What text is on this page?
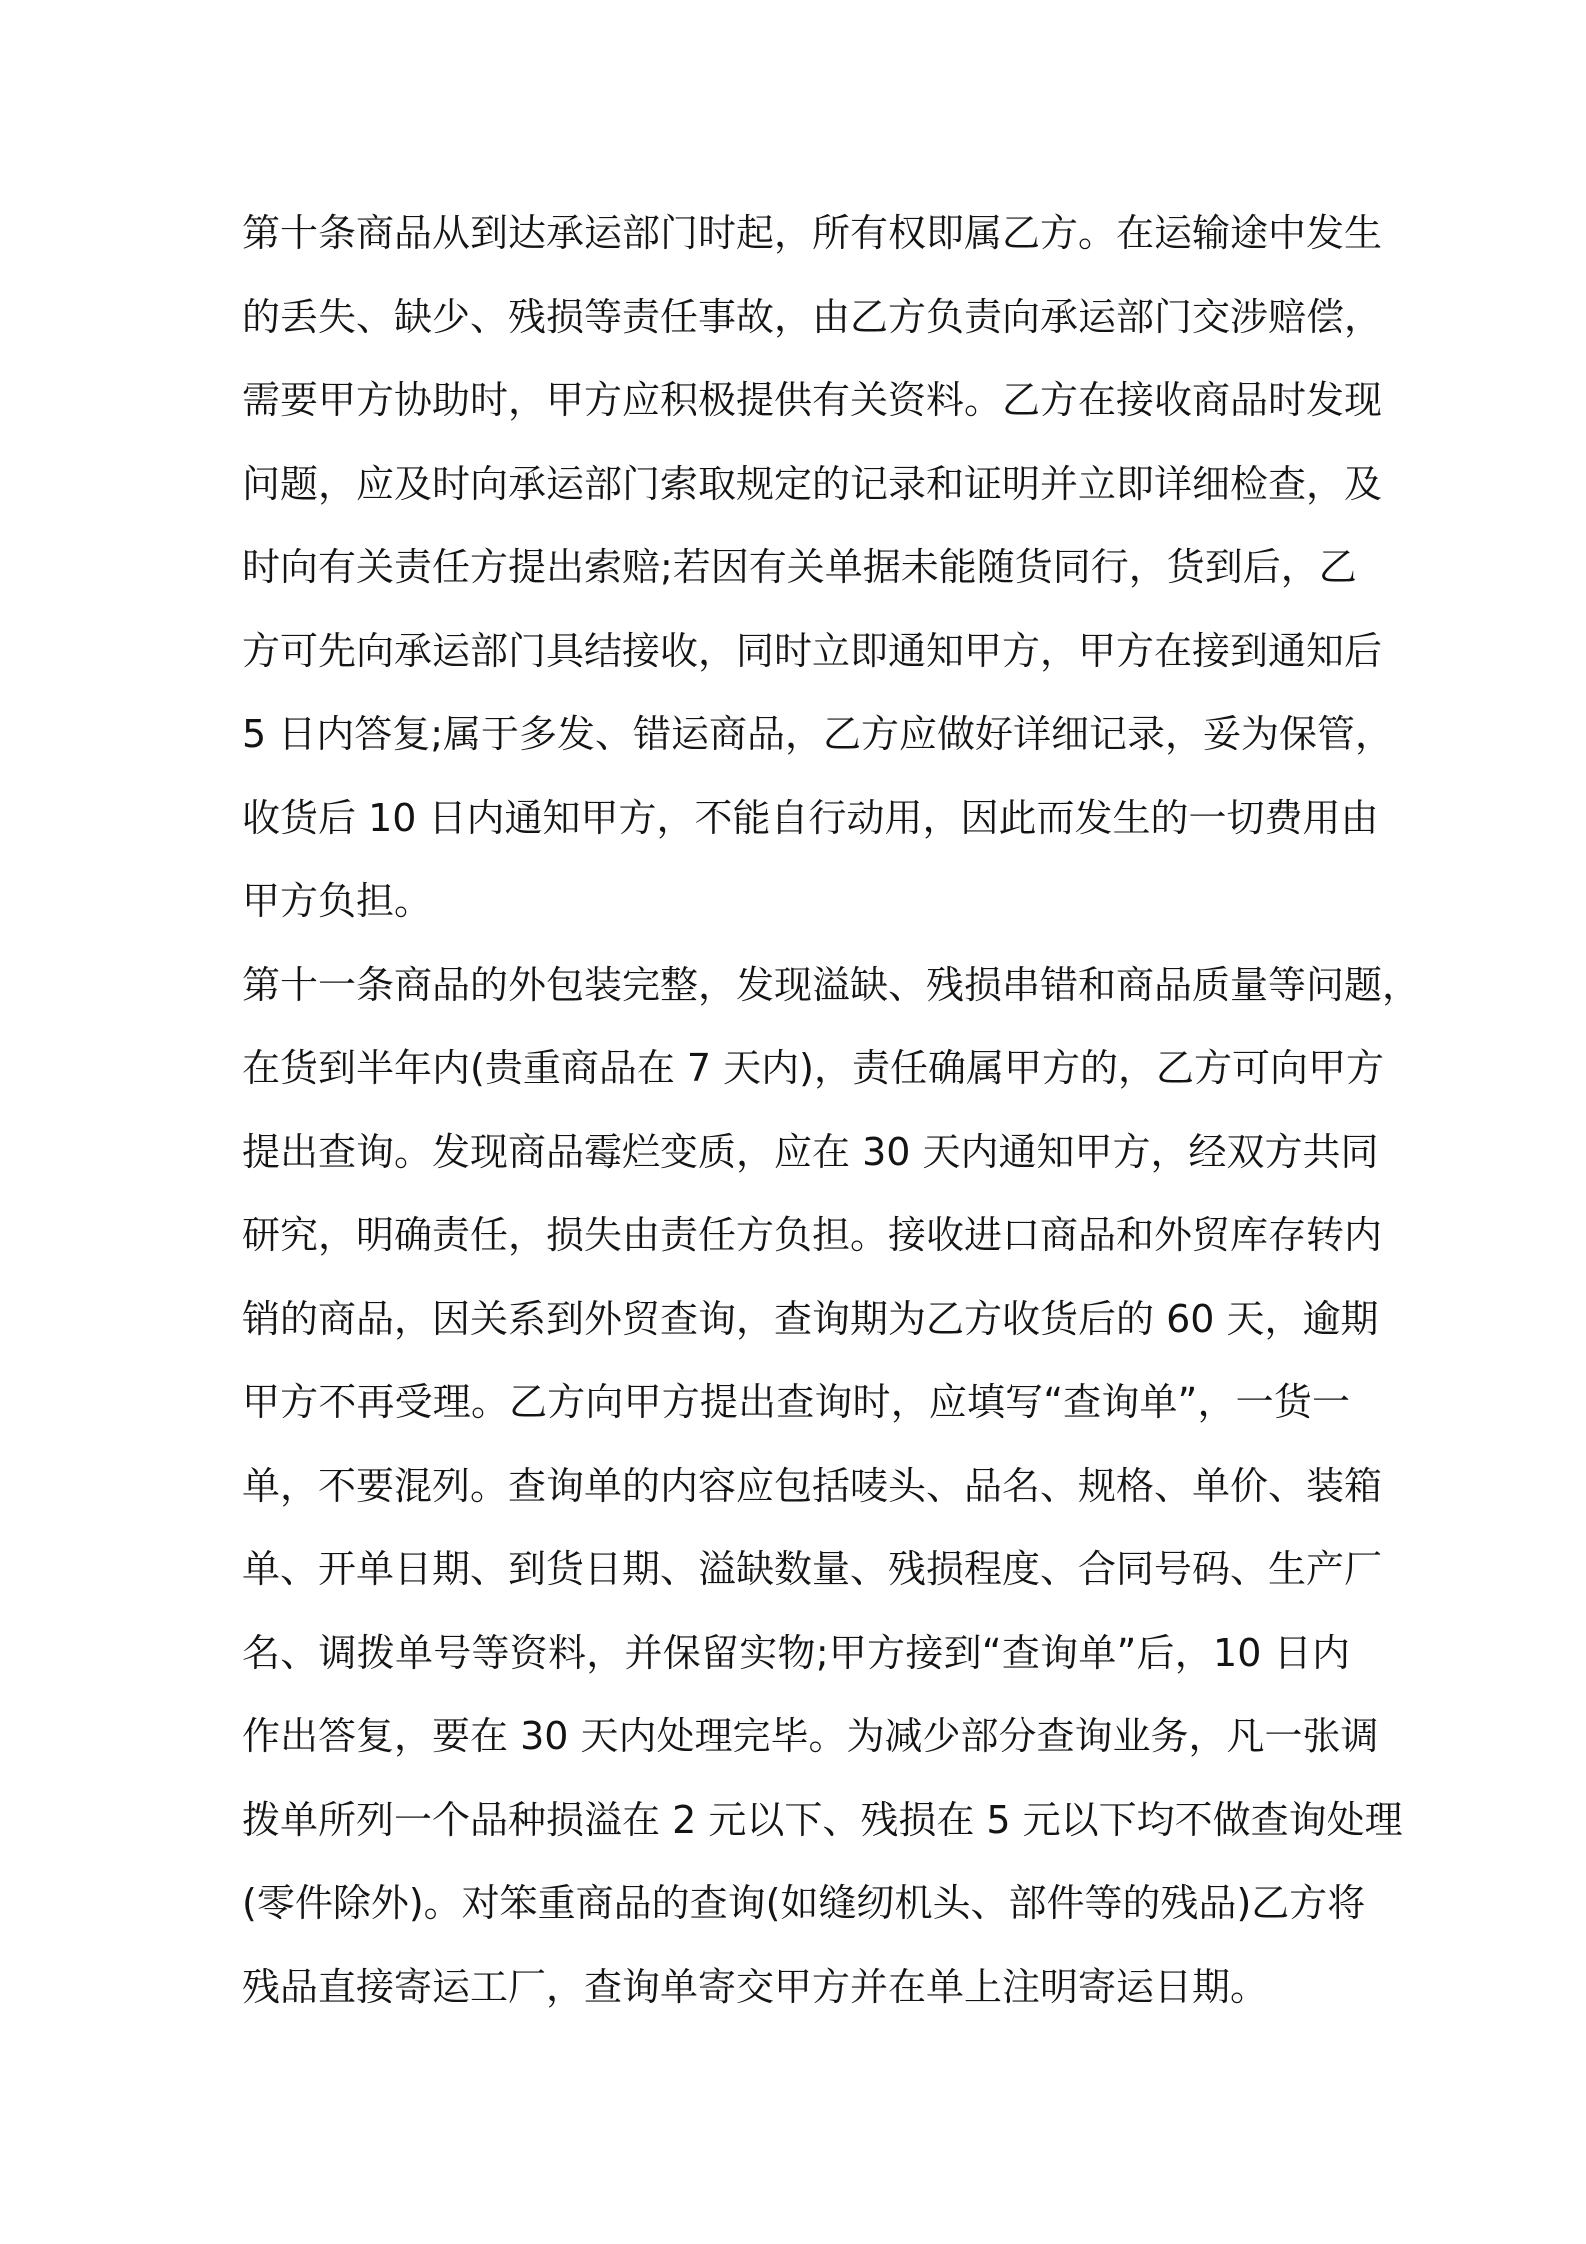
第十条商品从到达承运部门时起，所有权即属乙方。在运输途中发生
的丢失、缺少、残损等责任事故，由乙方负责向承运部门交涉赔偿，
需要甲方协助时，甲方应积极提供有关资料。乙方在接收商品时发现
问题，应及时向承运部门索取规定的记录和证明并立即详细检查，及
时向有关责任方提出索赔;若因有关单据未能随货同行，货到后，乙
方可先向承运部门具结接收，同时立即通知甲方，甲方在接到通知后
5 日内答复;属于多发、错运商品，乙方应做好详细记录，妥为保管，
收货后 10 日内通知甲方，不能自行动用，因此而发生的一切费用由
甲方负担。
第十一条商品的外包装完整，发现溢缺、残损串错和商品质量等问题，
在货到半年内(贵重商品在 7 天内)，责任确属甲方的，乙方可向甲方
提出查询。发现商品霉烂变质，应在 30 天内通知甲方，经双方共同
研究，明确责任，损失由责任方负担。接收进口商品和外贸库存转内
销的商品，因关系到外贸查询，查询期为乙方收货后的 60 天，逾期
甲方不再受理。乙方向甲方提出查询时，应填写“查询单”，一货一
单，不要混列。查询单的内容应包括唛头、品名、规格、单价、装箱
单、开单日期、到货日期、溢缺数量、残损程度、合同号码、生产厂
名、调拨单号等资料，并保留实物;甲方接到“查询单”后，10 日内
作出答复，要在 30 天内处理完毕。为减少部分查询业务，凡一张调
拨单所列一个品种损溢在 2 元以下、残损在 5 元以下均不做查询处理
(零件除外)。对笨重商品的查询(如缝纫机头、部件等的残品)乙方将
残品直接寄运工厂，查询单寄交甲方并在单上注明寄运日期。
